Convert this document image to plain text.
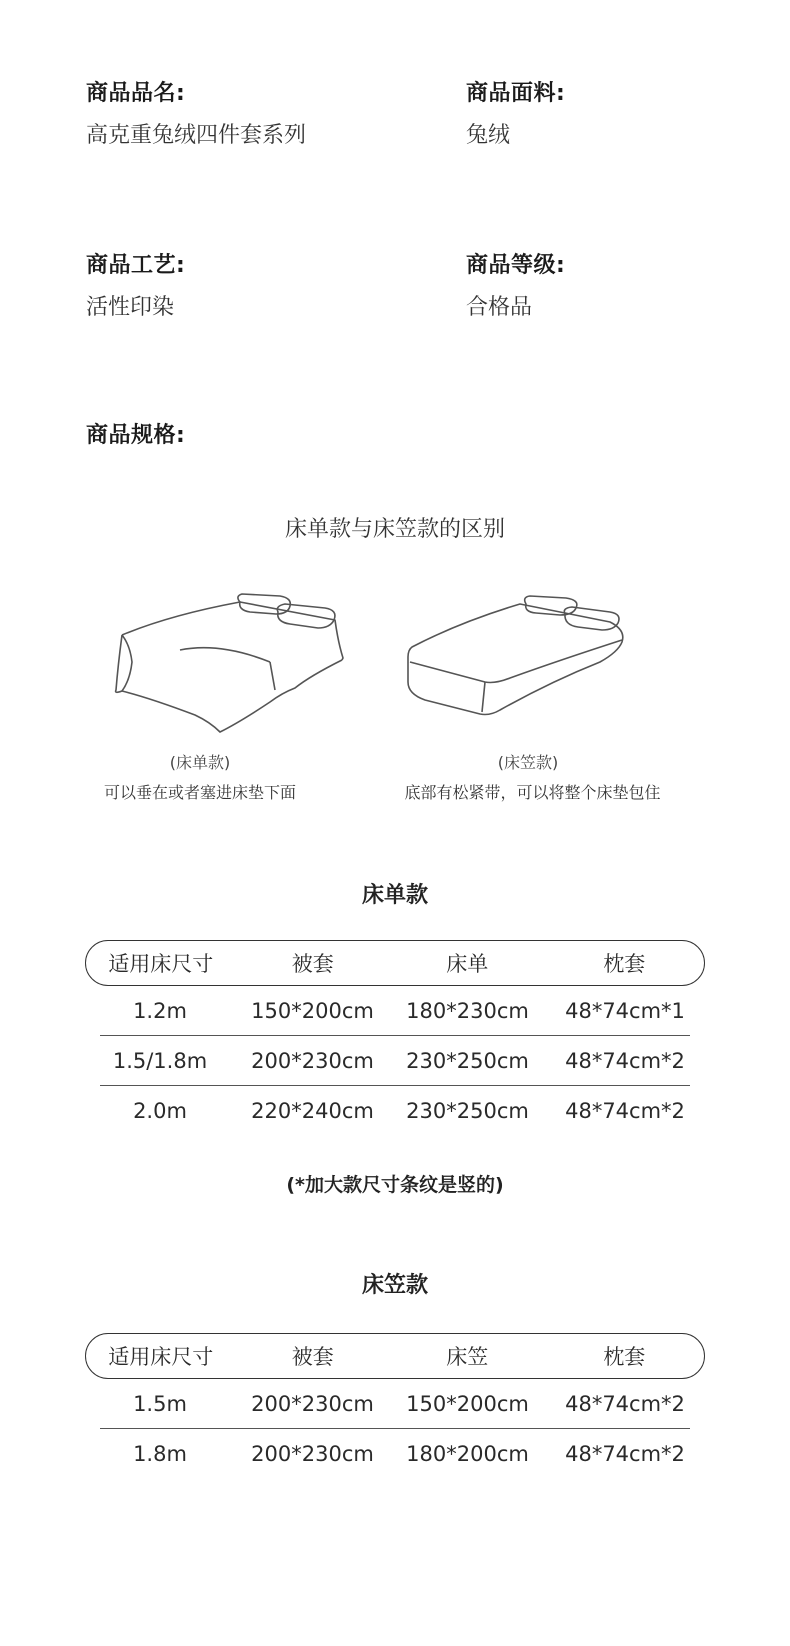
商品品名:
高克重兔绒四件套系列
商品面料:
兔绒
商品工艺:
活性印染
商品等级:
合格品
商品规格:
床单款与床笠款的区别
(床单款)
可以垂在或者塞进床垫下面
(床笠款)
底部有松紧带，可以将整个床垫包住
床单款
适用床尺寸	被套	床单	枕套
1.2m	150*200cm	180*230cm	48*74cm*1
1.5/1.8m	200*230cm	230*250cm	48*74cm*2
2.0m	220*240cm	230*250cm	48*74cm*2
(*加大款尺寸条纹是竖的)
床笠款
适用床尺寸	被套	床笠	枕套
1.5m	200*230cm	150*200cm	48*74cm*2
1.8m	200*230cm	180*200cm	48*74cm*2
